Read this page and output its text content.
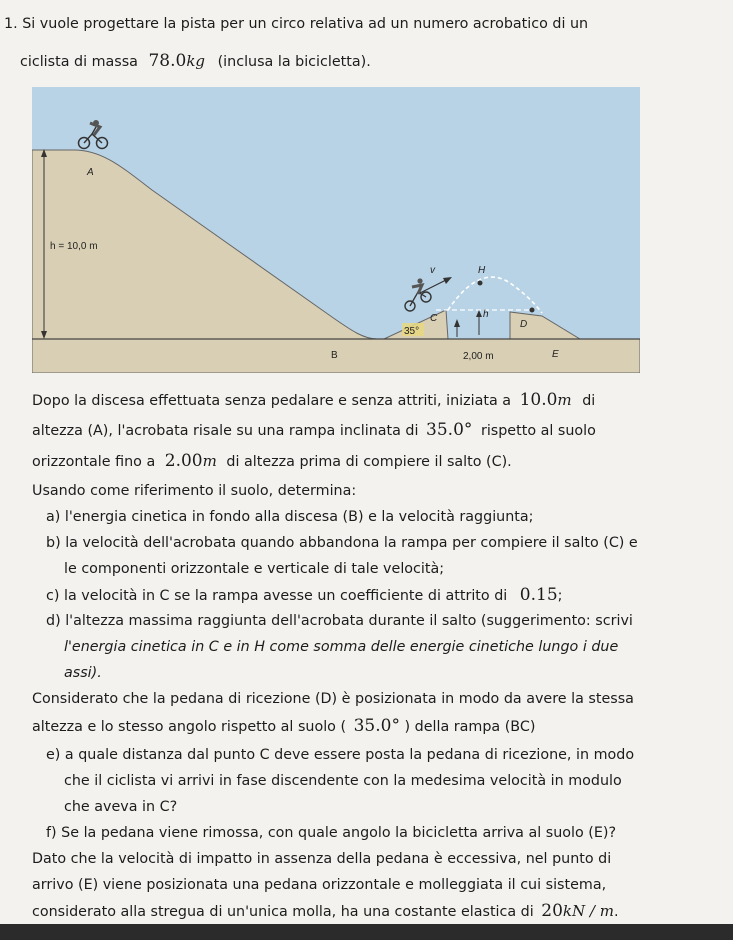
1. Si vuole progettare la pista per un circo relativa ad un numero acrobatico di un
ciclista di massa 78.0kg (inclusa la bicicletta).
h = 10,0 m
A
v	H
h
C
D
35°
B	2,00 m	E
Dopo la discesa effettuata senza pedalare e senza attriti, iniziata a 10.0m di
altezza (A), l'acrobata risale su una rampa inclinata di 35.0° rispetto al suolo
orizzontale fino a 2.00m di altezza prima di compiere il salto (C).
Usando come riferimento il suolo, determina:
a) l'energia cinetica in fondo alla discesa (B) e la velocità raggiunta;
b) la velocità dell'acrobata quando abbandona la rampa per compiere il salto (C) e
le componenti orizzontale e verticale di tale velocità;
c) la velocità in C se la rampa avesse un coefficiente di attrito di 0.15;
d) l'altezza massima raggiunta dell'acrobata durante il salto (suggerimento: scrivi
l'energia cinetica in C e in H come somma delle energie cinetiche lungo i due
assi).
Considerato che la pedana di ricezione (D) è posizionata in modo da avere la stessa
altezza e lo stesso angolo rispetto al suolo ( 35.0° ) della rampa (BC)
e) a quale distanza dal punto C deve essere posta la pedana di ricezione, in modo
che il ciclista vi arrivi in fase discendente con la medesima velocità in modulo
che aveva in C?
f) Se la pedana viene rimossa, con quale angolo la bicicletta arriva al suolo (E)?
Dato che la velocità di impatto in assenza della pedana è eccessiva, nel punto di
arrivo (E) viene posizionata una pedana orizzontale e molleggiata il cui sistema,
considerato alla stregua di un'unica molla, ha una costante elastica di 20kN / m.
